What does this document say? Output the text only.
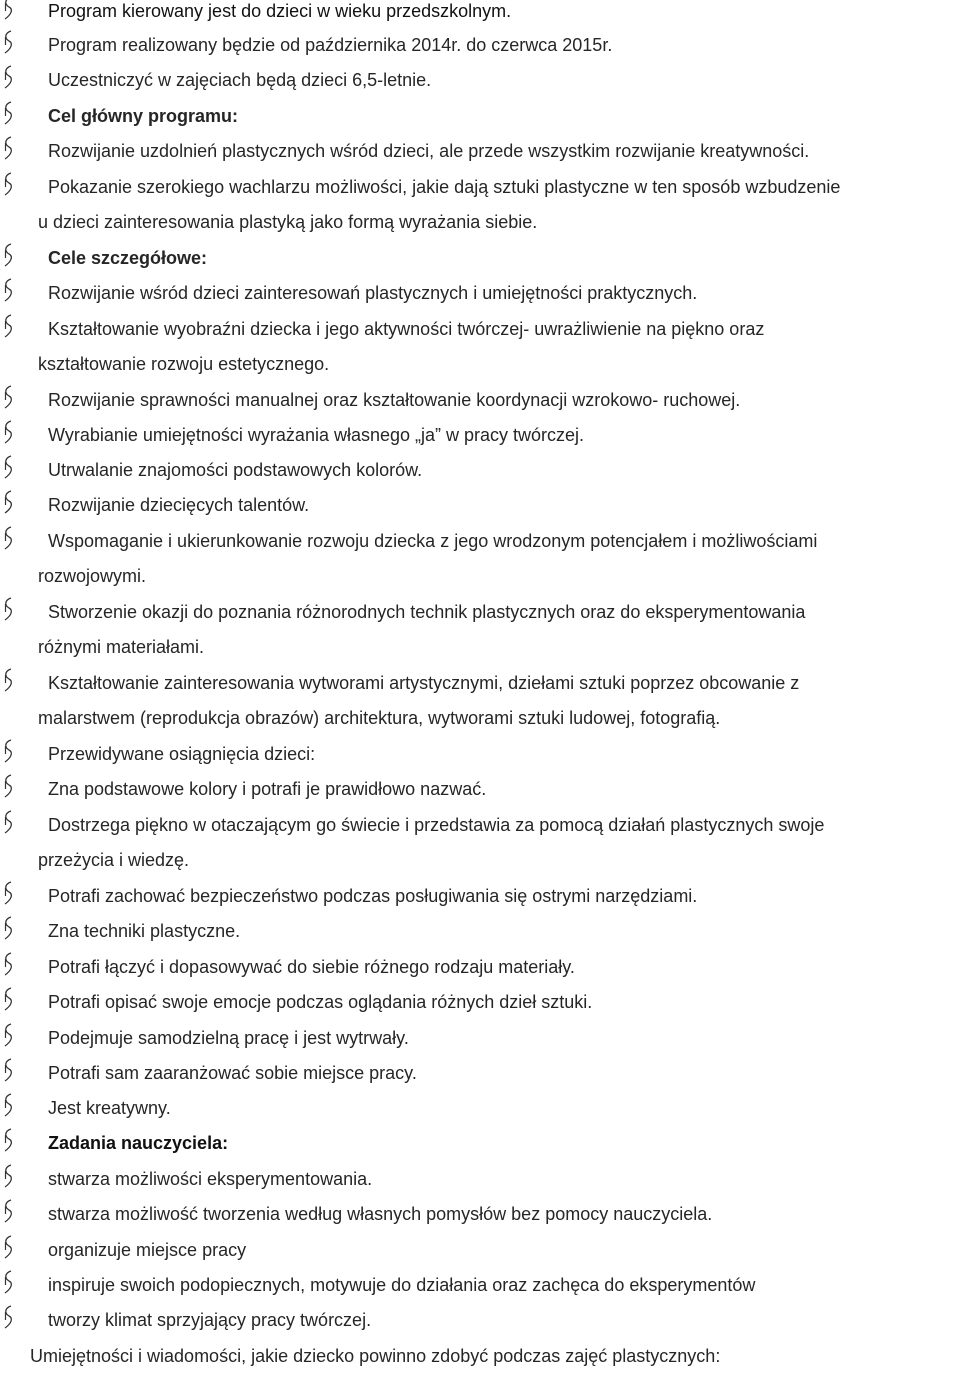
Program kierowany jest do dzieci w wieku przedszkolnym.
Program realizowany będzie od października 2014r. do czerwca 2015r.
Uczestniczyć w zajęciach będą dzieci 6,5-letnie.
Cel główny programu:
Rozwijanie uzdolnień plastycznych wśród dzieci, ale przede wszystkim rozwijanie kreatywności.
Pokazanie szerokiego wachlarzu możliwości, jakie dają sztuki plastyczne w ten sposób wzbudzenie
u dzieci zainteresowania plastyką jako formą wyrażania siebie.
Cele szczegółowe:
Rozwijanie wśród dzieci zainteresowań plastycznych i umiejętności praktycznych.
Kształtowanie wyobraźni dziecka i jego aktywności twórczej- uwrażliwienie na piękno oraz
kształtowanie rozwoju estetycznego.
Rozwijanie sprawności manualnej oraz kształtowanie koordynacji wzrokowo- ruchowej.
Wyrabianie umiejętności wyrażania własnego „ja” w pracy twórczej.
Utrwalanie znajomości podstawowych kolorów.
Rozwijanie dziecięcych talentów.
Wspomaganie i ukierunkowanie rozwoju dziecka z jego wrodzonym potencjałem i możliwościami
rozwojowymi.
Stworzenie okazji do poznania różnorodnych technik plastycznych oraz do eksperymentowania
różnymi materiałami.
Kształtowanie zainteresowania wytworami artystycznymi, dziełami sztuki poprzez obcowanie z
malarstwem (reprodukcja obrazów) architektura, wytworami sztuki ludowej, fotografią.
Przewidywane osiągnięcia dzieci:
Zna podstawowe kolory i potrafi je prawidłowo nazwać.
Dostrzega piękno w otaczającym go świecie i przedstawia za pomocą działań plastycznych swoje
przeżycia i wiedzę.
Potrafi zachować bezpieczeństwo podczas posługiwania się ostrymi narzędziami.
Zna techniki plastyczne.
Potrafi łączyć i dopasowywać do siebie różnego rodzaju materiały.
Potrafi opisać swoje emocje podczas oglądania różnych dzieł sztuki.
Podejmuje samodzielną pracę i jest wytrwały.
Potrafi sam zaaranżować sobie miejsce pracy.
Jest kreatywny.
Zadania nauczyciela:
stwarza możliwości eksperymentowania.
stwarza możliwość tworzenia według własnych pomysłów bez pomocy nauczyciela.
organizuje miejsce pracy
inspiruje swoich podopiecznych, motywuje do działania oraz zachęca do eksperymentów
tworzy klimat sprzyjający pracy twórczej.
Umiejętności i wiadomości, jakie dziecko powinno zdobyć podczas zajęć plastycznych:
